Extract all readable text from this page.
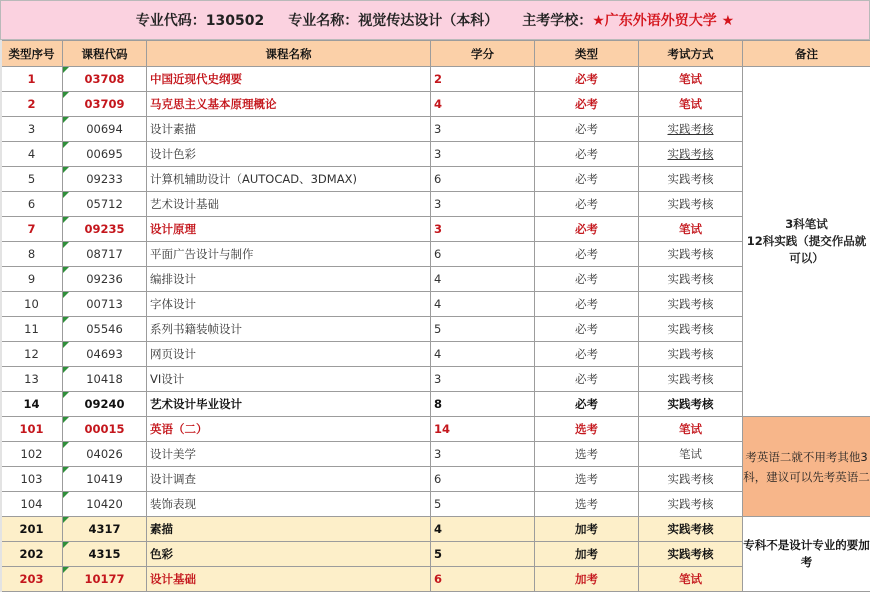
专业代码：130502 专业名称：视觉传达设计（本科） 主考学校： ★广东外语外贸大学 ★
类型序号	课程代码	课程名称	学分	类型	考试方式	备注
1	03708	中国近现代史纲要	2	必考	笔试	3科笔试
12科实践（提交作品就可以）
2	03709	马克思主义基本原理概论	4	必考	笔试	
3	00694	设计素描	3	必考	实践考核	
4	00695	设计色彩	3	必考	实践考核	
5	09233	计算机辅助设计（AUTOCAD、3DMAX)	6	必考	实践考核	
6	05712	艺术设计基础	3	必考	实践考核	
7	09235	设计原理	3	必考	笔试	
8	08717	平面广告设计与制作	6	必考	实践考核	
9	09236	编排设计	4	必考	实践考核	
10	00713	字体设计	4	必考	实践考核	
11	05546	系列书籍装帧设计	5	必考	实践考核	
12	04693	网页设计	4	必考	实践考核	
13	10418	VI设计	3	必考	实践考核	
14	09240	艺术设计毕业设计	8	必考	实践考核	
101	00015	英语（二）	14	选考	笔试	考英语二就不用考其他3科，建议可以先考英语二
102	04026	设计美学	3	选考	笔试	
103	10419	设计调查	6	选考	实践考核	
104	10420	装饰表现	5	选考	实践考核	
201	4317	素描	4	加考	实践考核	专科不是设计专业的要加考
202	4315	色彩	5	加考	实践考核	
203	10177	设计基础	6	加考	笔试	
